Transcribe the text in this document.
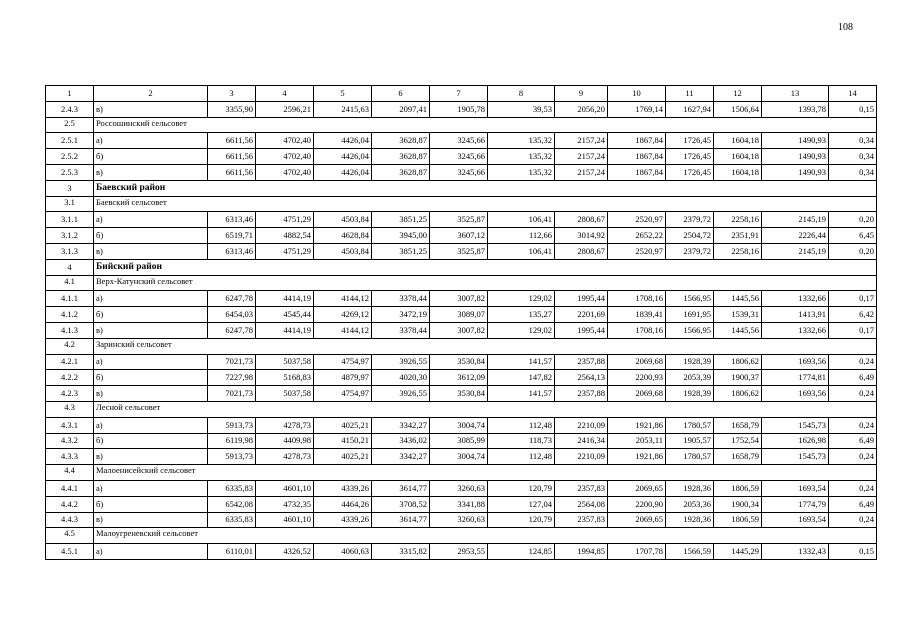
108
1	2	3	4	5	6	7	8	9	10	11	12	13	14
2.4.3	в)	3355,90	2596,21	2415,63	2097,41	1905,78	39,53	2056,20	1769,14	1627,94	1506,64	1393,78	0,15
2.5	Россошинский сельсовет												
2.5.1	а)	6611,56	4702,40	4426,04	3628,87	3245,66	135,32	2157,24	1867,84	1726,45	1604,18	1490,93	0,34
2.5.2	б)	6611,56	4702,40	4426,04	3628,87	3245,66	135,32	2157,24	1867,84	1726,45	1604,18	1490,93	0,34
2.5.3	в)	6611,56	4702,40	4426,04	3628,87	3245,66	135,32	2157,24	1867,84	1726,45	1604,18	1490,93	0,34
3	Баевский район												
3.1	Баевский сельсовет												
3.1.1	а)	6313,46	4751,29	4503,84	3851,25	3525,87	106,41	2808,67	2520,97	2379,72	2258,16	2145,19	0,20
3.1.2	б)	6519,71	4882,54	4628,84	3945,00	3607,12	112,66	3014,92	2652,22	2504,72	2351,91	2226,44	6,45
3.1.3	в)	6313,46	4751,29	4503,84	3851,25	3525,87	106,41	2808,67	2520,97	2379,72	2258,16	2145,19	0,20
4	Бийский район												
4.1	Верх-Катунский сельсовет												
4.1.1	а)	6247,78	4414,19	4144,12	3378,44	3007,82	129,02	1995,44	1708,16	1566,95	1445,56	1332,66	0,17
4.1.2	б)	6454,03	4545,44	4269,12	3472,19	3089,07	135,27	2201,69	1839,41	1691,95	1539,31	1413,91	6,42
4.1.3	в)	6247,78	4414,19	4144,12	3378,44	3007,82	129,02	1995,44	1708,16	1566,95	1445,56	1332,66	0,17
4.2	Заринский сельсовет												
4.2.1	а)	7021,73	5037,58	4754,97	3926,55	3530,84	141,57	2357,88	2069,68	1928,39	1806,62	1693,56	0,24
4.2.2	б)	7227,98	5168,83	4879,97	4020,30	3612,09	147,82	2564,13	2200,93	2053,39	1900,37	1774,81	6,49
4.2.3	в)	7021,73	5037,58	4754,97	3926,55	3530,84	141,57	2357,88	2069,68	1928,39	1806,62	1693,56	0,24
4.3	Лесной сельсовет												
4.3.1	а)	5913,73	4278,73	4025,21	3342,27	3004,74	112,48	2210,09	1921,86	1780,57	1658,79	1545,73	0,24
4.3.2	б)	6119,98	4409,98	4150,21	3436,02	3085,99	118,73	2416,34	2053,11	1905,57	1752,54	1626,98	6,49
4.3.3	в)	5913,73	4278,73	4025,21	3342,27	3004,74	112,48	2210,09	1921,86	1780,57	1658,79	1545,73	0,24
4.4	Малоенисейский сельсовет												
4.4.1	а)	6335,83	4601,10	4339,26	3614,77	3260,63	120,79	2357,83	2069,65	1928,36	1806,59	1693,54	0,24
4.4.2	б)	6542,08	4732,35	4464,26	3708,52	3341,88	127,04	2564,08	2200,90	2053,36	1900,34	1774,79	6,49
4.4.3	в)	6335,83	4601,10	4339,26	3614,77	3260,63	120,79	2357,83	2069,65	1928,36	1806,59	1693,54	0,24
4.5	Малоугреневский сельсовет												
4.5.1	а)	6110,01	4326,52	4060,63	3315,82	2953,55	124,85	1994,85	1707,78	1566,59	1445,29	1332,43	0,15
